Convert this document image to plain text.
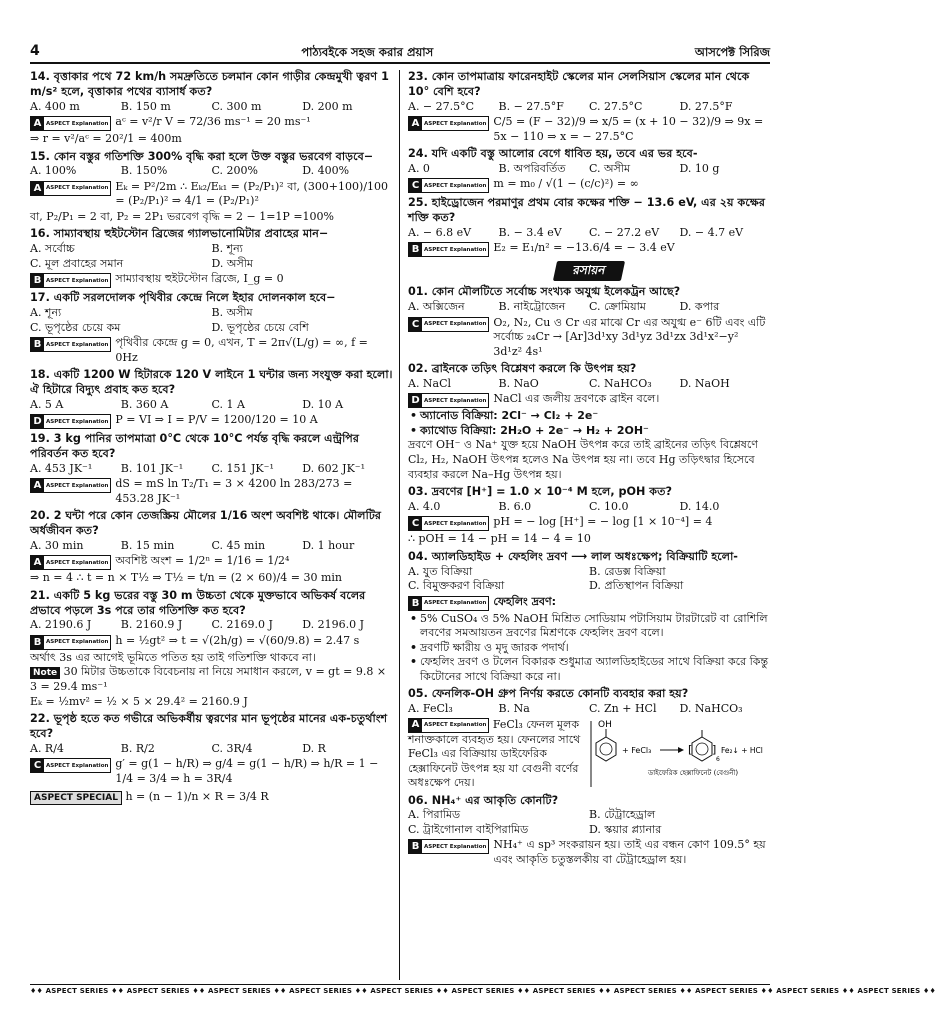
4	পাঠ্যবইকে সহজ করার প্রয়াস	আসপেক্ট সিরিজ
14. বৃত্তাকার পথে 72 km/h সমদ্রুতিতে চলমান কোন গাড়ীর কেন্দ্রমুখী ত্বরণ 1 m/s² হলে, বৃত্তাকার পথের ব্যাসার্ধ কত?
A. 400 m	B. 150 m	C. 300 m	D. 200 m
A ASPECT Explanation aᶜ = v²/r V = 72/36 ms⁻¹ = 20 ms⁻¹
⇒ r = v²/aᶜ = 20²/1 = 400m
15. কোন বস্তুর গতিশক্তি 300% বৃদ্ধি করা হলে উক্ত বস্তুর ভরবেগ বাড়বে−
A. 100%	B. 150%	C. 200%	D. 400%
A ASPECT Explanation Eₖ = P²/2m ∴ Eₖ₂/Eₖ₁ = (P₂/P₁)² বা, (300+100)/100 = (P₂/P₁)² ⇒ 4/1 = (P₂/P₁)²
বা, P₂/P₁ = 2 বা, P₂ = 2P₁ ভরবেগ বৃদ্ধি = 2 − 1=1P =100%
16. সাম্যাবস্থায় হুইটস্টোন ব্রিজের গ্যালভানোমিটার প্রবাহের মান−
A. সর্বোচ্চ	B. শূন্য
C. মূল প্রবাহের সমান	D. অসীম
B ASPECT Explanation সাম্যাবস্থায় হুইটস্টোন ব্রিজে, I_g = 0
17. একটি সরলদোলক পৃথিবীর কেন্দ্রে নিলে ইহার দোলনকাল হবে−
A. শূন্য	B. অসীম
C. ভূপৃষ্ঠের চেয়ে কম	D. ভূপৃষ্ঠের চেয়ে বেশি
B ASPECT Explanation পৃথিবীর কেন্দ্রে g = 0, এখন, T = 2π√(L/g) = ∞, f = 0Hz
18. একটি 1200 W হিটারকে 120 V লাইনে 1 ঘন্টার জন্য সংযুক্ত করা হলো। ঐ হিটারে বিদ্যুৎ প্রবাহ কত হবে?
A. 5 A	B. 360 A	C. 1 A	D. 10 A
D ASPECT Explanation P = VI ⇒ I = P/V = 1200/120 = 10 A
19. 3 kg পানির তাপমাত্রা 0°C থেকে 10°C পর্যন্ত বৃদ্ধি করলে এন্ট্রপির পরিবর্তন কত হবে?
A. 453 JK⁻¹	B. 101 JK⁻¹	C. 151 JK⁻¹	D. 602 JK⁻¹
A ASPECT Explanation dS = mS ln T₂/T₁ = 3 × 4200 ln 283/273 = 453.28 JK⁻¹
20. 2 ঘন্টা পরে কোন তেজস্ক্রিয় মৌলের 1/16 অংশ অবশিষ্ট থাকে। মৌলটির অর্ধজীবন কত?
A. 30 min	B. 15 min	C. 45 min	D. 1 hour
A ASPECT Explanation অবশিষ্ট অংশ = 1/2ⁿ = 1/16 = 1/2⁴
⇒ n = 4 ∴ t = n × T½ ⇒ T½ = t/n = (2 × 60)/4 = 30 min
21. একটি 5 kg ভরের বস্তু 30 m উচ্চতা থেকে মুক্তভাবে অভিকর্ষ বলের প্রভাবে পড়লে 3s পরে তার গতিশক্তি কত হবে?
A. 2190.6 J	B. 2160.9 J	C. 2169.0 J	D. 2196.0 J
B ASPECT Explanation h = ½gt² ⇒ t = √(2h/g) = √(60/9.8) = 2.47 s
অর্থাৎ 3s এর আগেই ভূমিতে পতিত হয় তাই গতিশক্তি থাকবে না।
Note 30 মিটার উচ্চতাকে বিবেচনায় না নিয়ে সমাধান করলে, v = gt = 9.8 × 3 = 29.4 ms⁻¹
Eₖ = ½mv² = ½ × 5 × 29.4² = 2160.9 J
22. ভূপৃষ্ঠ হতে কত গভীরে অভিকর্ষীয় ত্বরণের মান ভূপৃষ্ঠের মানের এক-চতুর্থাংশ হবে?
A. R/4	B. R/2	C. 3R/4	D. R
C ASPECT Explanation g′ = g(1 − h/R) ⇒ g/4 = g(1 − h/R) ⇒ h/R = 1 − 1/4 = 3/4 ⇒ h = 3R/4
ASPECT SPECIAL h = (n − 1)/n × R = 3/4 R
23. কোন তাপমাত্রায় ফারেনহাইট স্কেলের মান সেলসিয়াস স্কেলের মান থেকে 10° বেশি হবে?
A. − 27.5°C	B. − 27.5°F	C. 27.5°C	D. 27.5°F
A ASPECT Explanation C/5 = (F − 32)/9 ⇒ x/5 = (x + 10 − 32)/9 ⇒ 9x = 5x − 110 ⇒ x = − 27.5°C
24. যদি একটি বস্তু আলোর বেগে ধাবিত হয়, তবে এর ভর হবে-
A. 0	B. অপরিবর্তিত	C. অসীম	D. 10 g
C ASPECT Explanation m = m₀ / √(1 − (c/c)²) = ∞
25. হাইড্রোজেন পরমাণুর প্রথম বোর কক্ষের শক্তি − 13.6 eV, এর ২য় কক্ষের শক্তি কত?
A. − 6.8 eV	B. − 3.4 eV	C. − 27.2 eV	D. − 4.7 eV
B ASPECT Explanation E₂ = E₁/n² = −13.6/4 = − 3.4 eV
রসায়ন
01. কোন মৌলটিতে সর্বোচ্চ সংখ্যক অযুগ্ম ইলেকট্রন আছে?
A. অক্সিজেন	B. নাইট্রোজেন	C. ক্রোমিয়াম	D. কপার
C ASPECT Explanation O₂, N₂, Cu ও Cr এর মাঝে Cr এর অযুগ্ম e⁻ 6টি এবং এটি সর্বোচ্চ ₂₄Cr → [Ar]3d¹xy 3d¹yz 3d¹zx 3d¹x²−y² 3d¹z² 4s¹
02. ব্রাইনকে তড়িৎ বিশ্লেষণ করলে কি উৎপন্ন হয়?
A. NaCl	B. NaO	C. NaHCO₃	D. NaOH
D ASPECT Explanation NaCl এর জলীয় দ্রবণকে ব্রাইন বলে।
• অ্যানোড বিক্রিয়া: 2Cl⁻ → Cl₂ + 2e⁻
• ক্যাথোড বিক্রিয়া: 2H₂O + 2e⁻ → H₂ + 2OH⁻
দ্রবণে OH⁻ ও Na⁺ যুক্ত হয়ে NaOH উৎপন্ন করে তাই ব্রাইনের তড়িৎ বিশ্লেষণে Cl₂, H₂, NaOH উৎপন্ন হলেও Na উৎপন্ন হয় না। তবে Hg তড়িৎদ্বার হিসেবে ব্যবহার করলে Na–Hg উৎপন্ন হয়।
03. দ্রবণের [H⁺] = 1.0 × 10⁻⁴ M হলে, pOH কত?
A. 4.0	B. 6.0	C. 10.0	D. 14.0
C ASPECT Explanation pH = − log [H⁺] = − log [1 × 10⁻⁴] = 4
∴ pOH = 14 − pH = 14 − 4 = 10
04. অ্যালডিহাইড + ফেহলিং দ্রবণ ⟶ লাল অধঃক্ষেপ; বিক্রিয়াটি হলো-
A. যুত বিক্রিয়া	B. রেডক্স বিক্রিয়া
C. বিমুক্তকরণ বিক্রিয়া	D. প্রতিস্থাপন বিক্রিয়া
B ASPECT Explanation ফেহলিং দ্রবণ:
• 5% CuSO₄ ও 5% NaOH মিশ্রিত সোডিয়াম পটাসিয়াম টারটারেট বা রোশিলি লবণের সমআয়তন দ্রবণের মিশ্রণকে ফেহলিং দ্রবণ বলে।
• দ্রবণটি ক্ষারীয় ও মৃদু জারক পদার্থ।
• ফেহলিং দ্রবণ ও টলেন বিকারক শুধুমাত্র অ্যালডিহাইডের সাথে বিক্রিয়া করে কিন্তু কিটোনের সাথে বিক্রিয়া করে না।
05. ফেনলিক-OH গ্রুপ নির্ণয় করতে কোনটি ব্যবহার করা হয়?
A. FeCl₃	B. Na	C. Zn + HCl	D. NaHCO₃
A ASPECT Explanation FeCl₃ ফেনল মূলক শনাক্তকালে ব্যবহৃত হয়। ফেনলের সাথে FeCl₃ এর বিক্রিয়ায় ডাইফেরিক হেক্সাফিনেট উৎপন্ন হয় যা বেগুনী বর্ণের অধঃক্ষেপ দেয়।
OH
+ FeCl₃	[ ]
6
Fe₂↓ + HCl
ডাইফেরিক হেক্সাফিনেট (বেগুনী)
06. NH₄⁺ এর আকৃতি কোনটি?
A. পিরামিড	B. টেট্রাহেড্রাল
C. ট্রাইগোনাল বাইপিরামিড	D. স্কয়ার প্ল্যানার
B ASPECT Explanation NH₄⁺ এ sp³ সংকরায়ন হয়। তাই এর বন্ধন কোণ 109.5° হয় এবং আকৃতি চতুস্তলকীয় বা টেট্রাহেড্রাল হয়।
♦♦ ASPECT SERIES ♦♦ ASPECT SERIES ♦♦ ASPECT SERIES ♦♦ ASPECT SERIES ♦♦ ASPECT SERIES ♦♦ ASPECT SERIES ♦♦ ASPECT SERIES ♦♦ ASPECT SERIES ♦♦ ASPECT SERIES ♦♦ ASPECT SERIES ♦♦ ASPECT SERIES ♦♦
